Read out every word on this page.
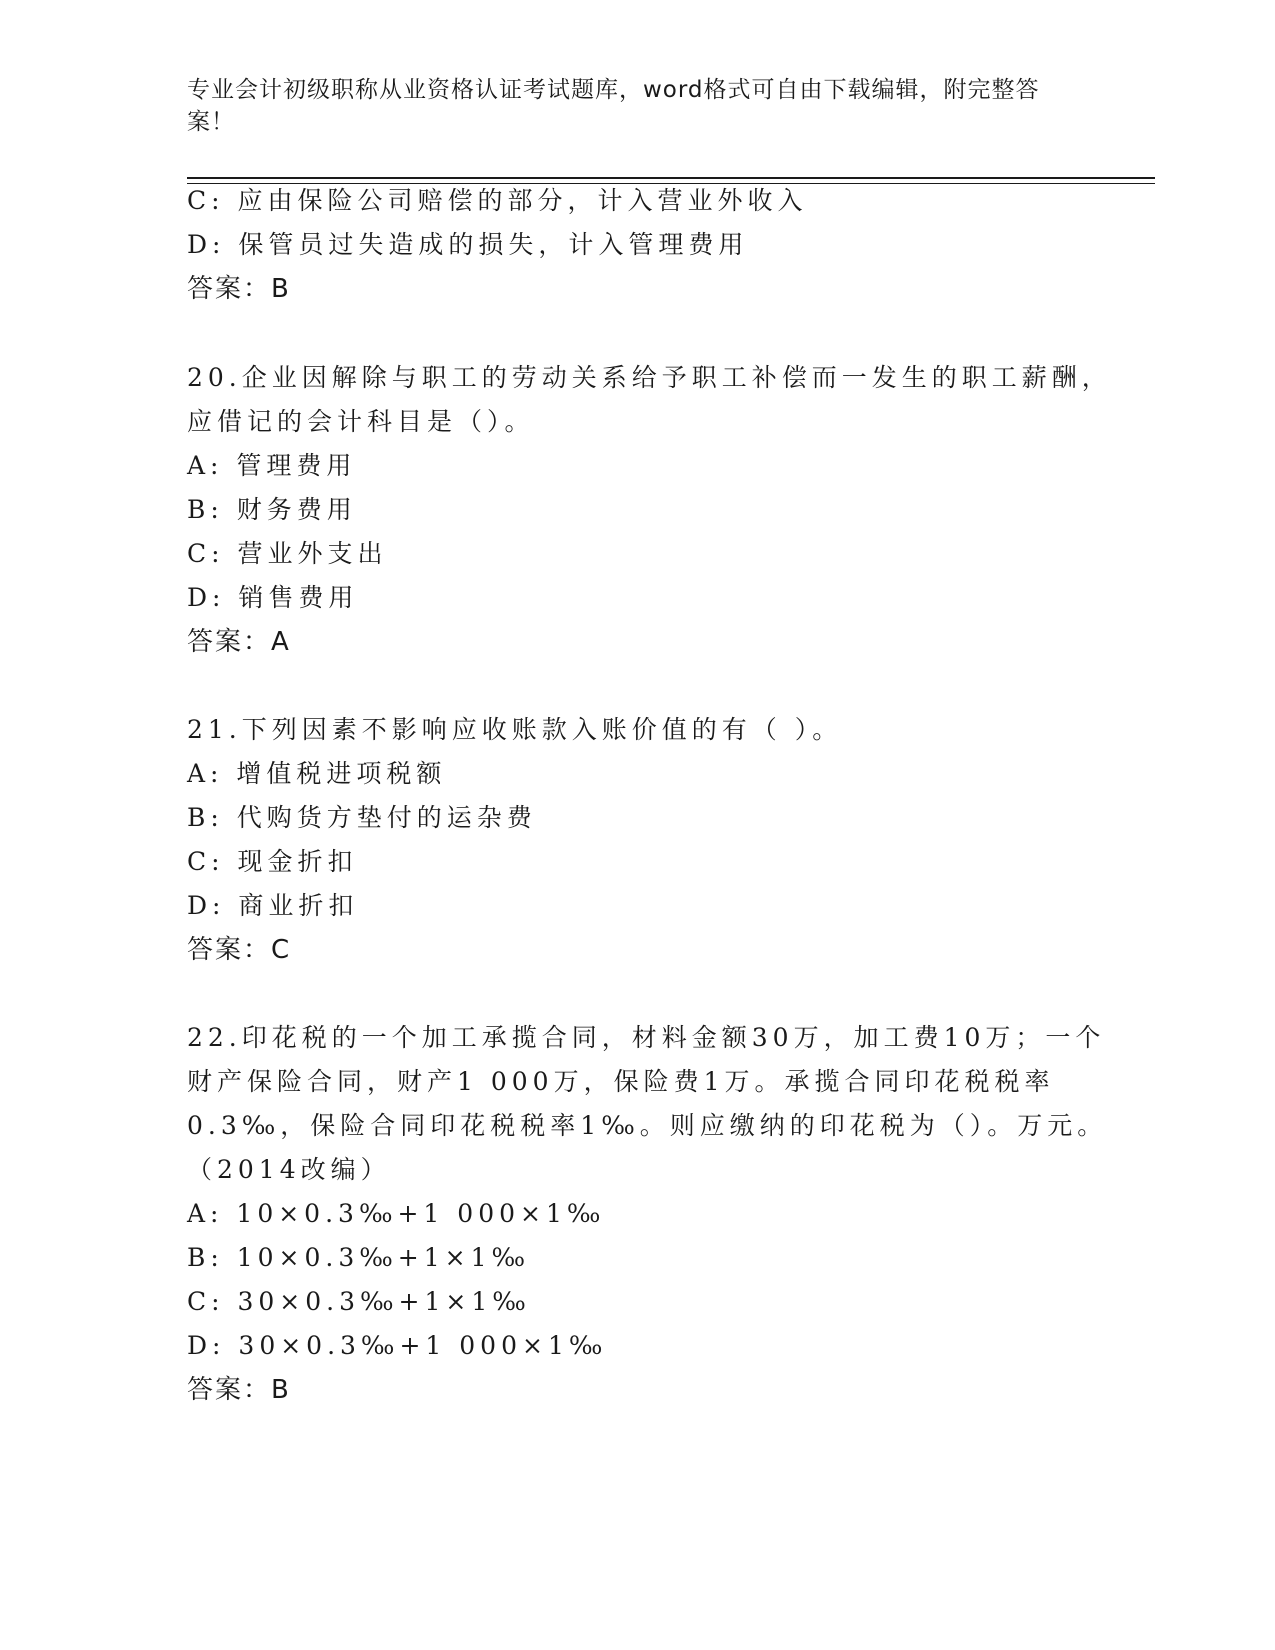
专业会计初级职称从业资格认证考试题库，word格式可自由下载编辑，附完整答案！
C: 应由保险公司赔偿的部分，计入营业外收入
D: 保管员过失造成的损失，计入管理费用
答案：B
20.企业因解除与职工的劳动关系给予职工补偿而一发生的职工薪酬，
应借记的会计科目是（）。
A: 管理费用
B: 财务费用
C: 营业外支出
D: 销售费用
答案：A
21.下列因素不影响应收账款入账价值的有（ ）。
A: 增值税进项税额
B: 代购货方垫付的运杂费
C: 现金折扣
D: 商业折扣
答案：C
22.印花税的一个加工承揽合同，材料金额30万，加工费10万；一个
财产保险合同，财产1 000万，保险费1万。承揽合同印花税税率
0.3‰，保险合同印花税税率1‰。则应缴纳的印花税为（）。万元。
（2014改编）
A: 10×0.3‰+1 000×1‰
B: 10×0.3‰+1×1‰
C: 30×0.3‰+1×1‰
D: 30×0.3‰+1 000×1‰
答案：B
